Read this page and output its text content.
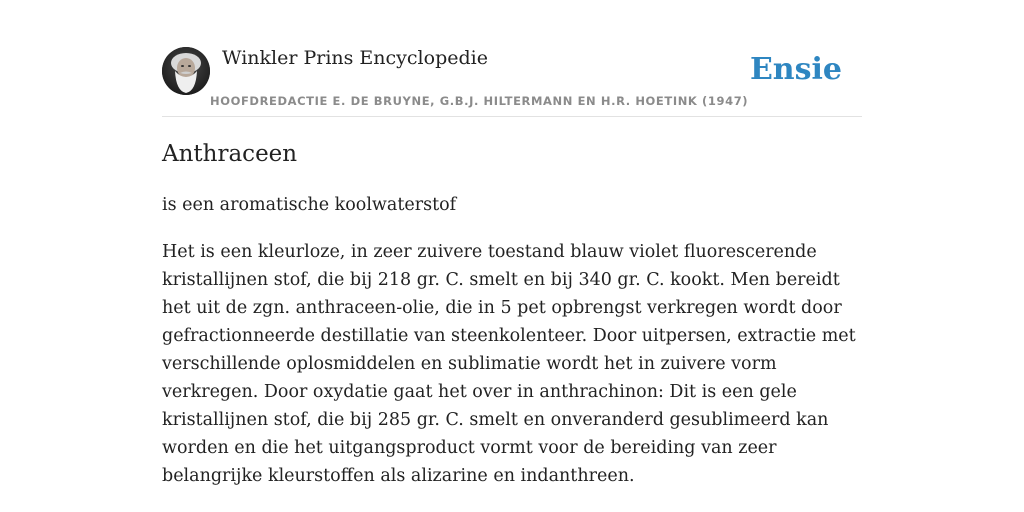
Winkler Prins Encyclopedie
HOOFDREDACTIE E. DE BRUYNE, G.B.J. HILTERMANN EN H.R. HOETINK (1947)
Ensie
Anthraceen

is een aromatische koolwaterstof

Het is een kleurloze, in zeer zuivere toestand blauw violet fluorescerende kristallijnen stof, die bij 218 gr. C. smelt en bij 340 gr. C. kookt. Men bereidt het uit de zgn. anthraceen-olie, die in 5 pet opbrengst verkregen wordt door gefractionneerde destillatie van steenkolenteer. Door uitpersen, extractie met verschillende oplosmiddelen en sublimatie wordt het in zuivere vorm verkregen. Door oxydatie gaat het over in anthrachinon: Dit is een gele kristallijnen stof, die bij 285 gr. C. smelt en onveranderd gesublimeerd kan worden en die het uitgangsproduct vormt voor de bereiding van zeer belangrijke kleurstoffen als alizarine en indanthreen.
